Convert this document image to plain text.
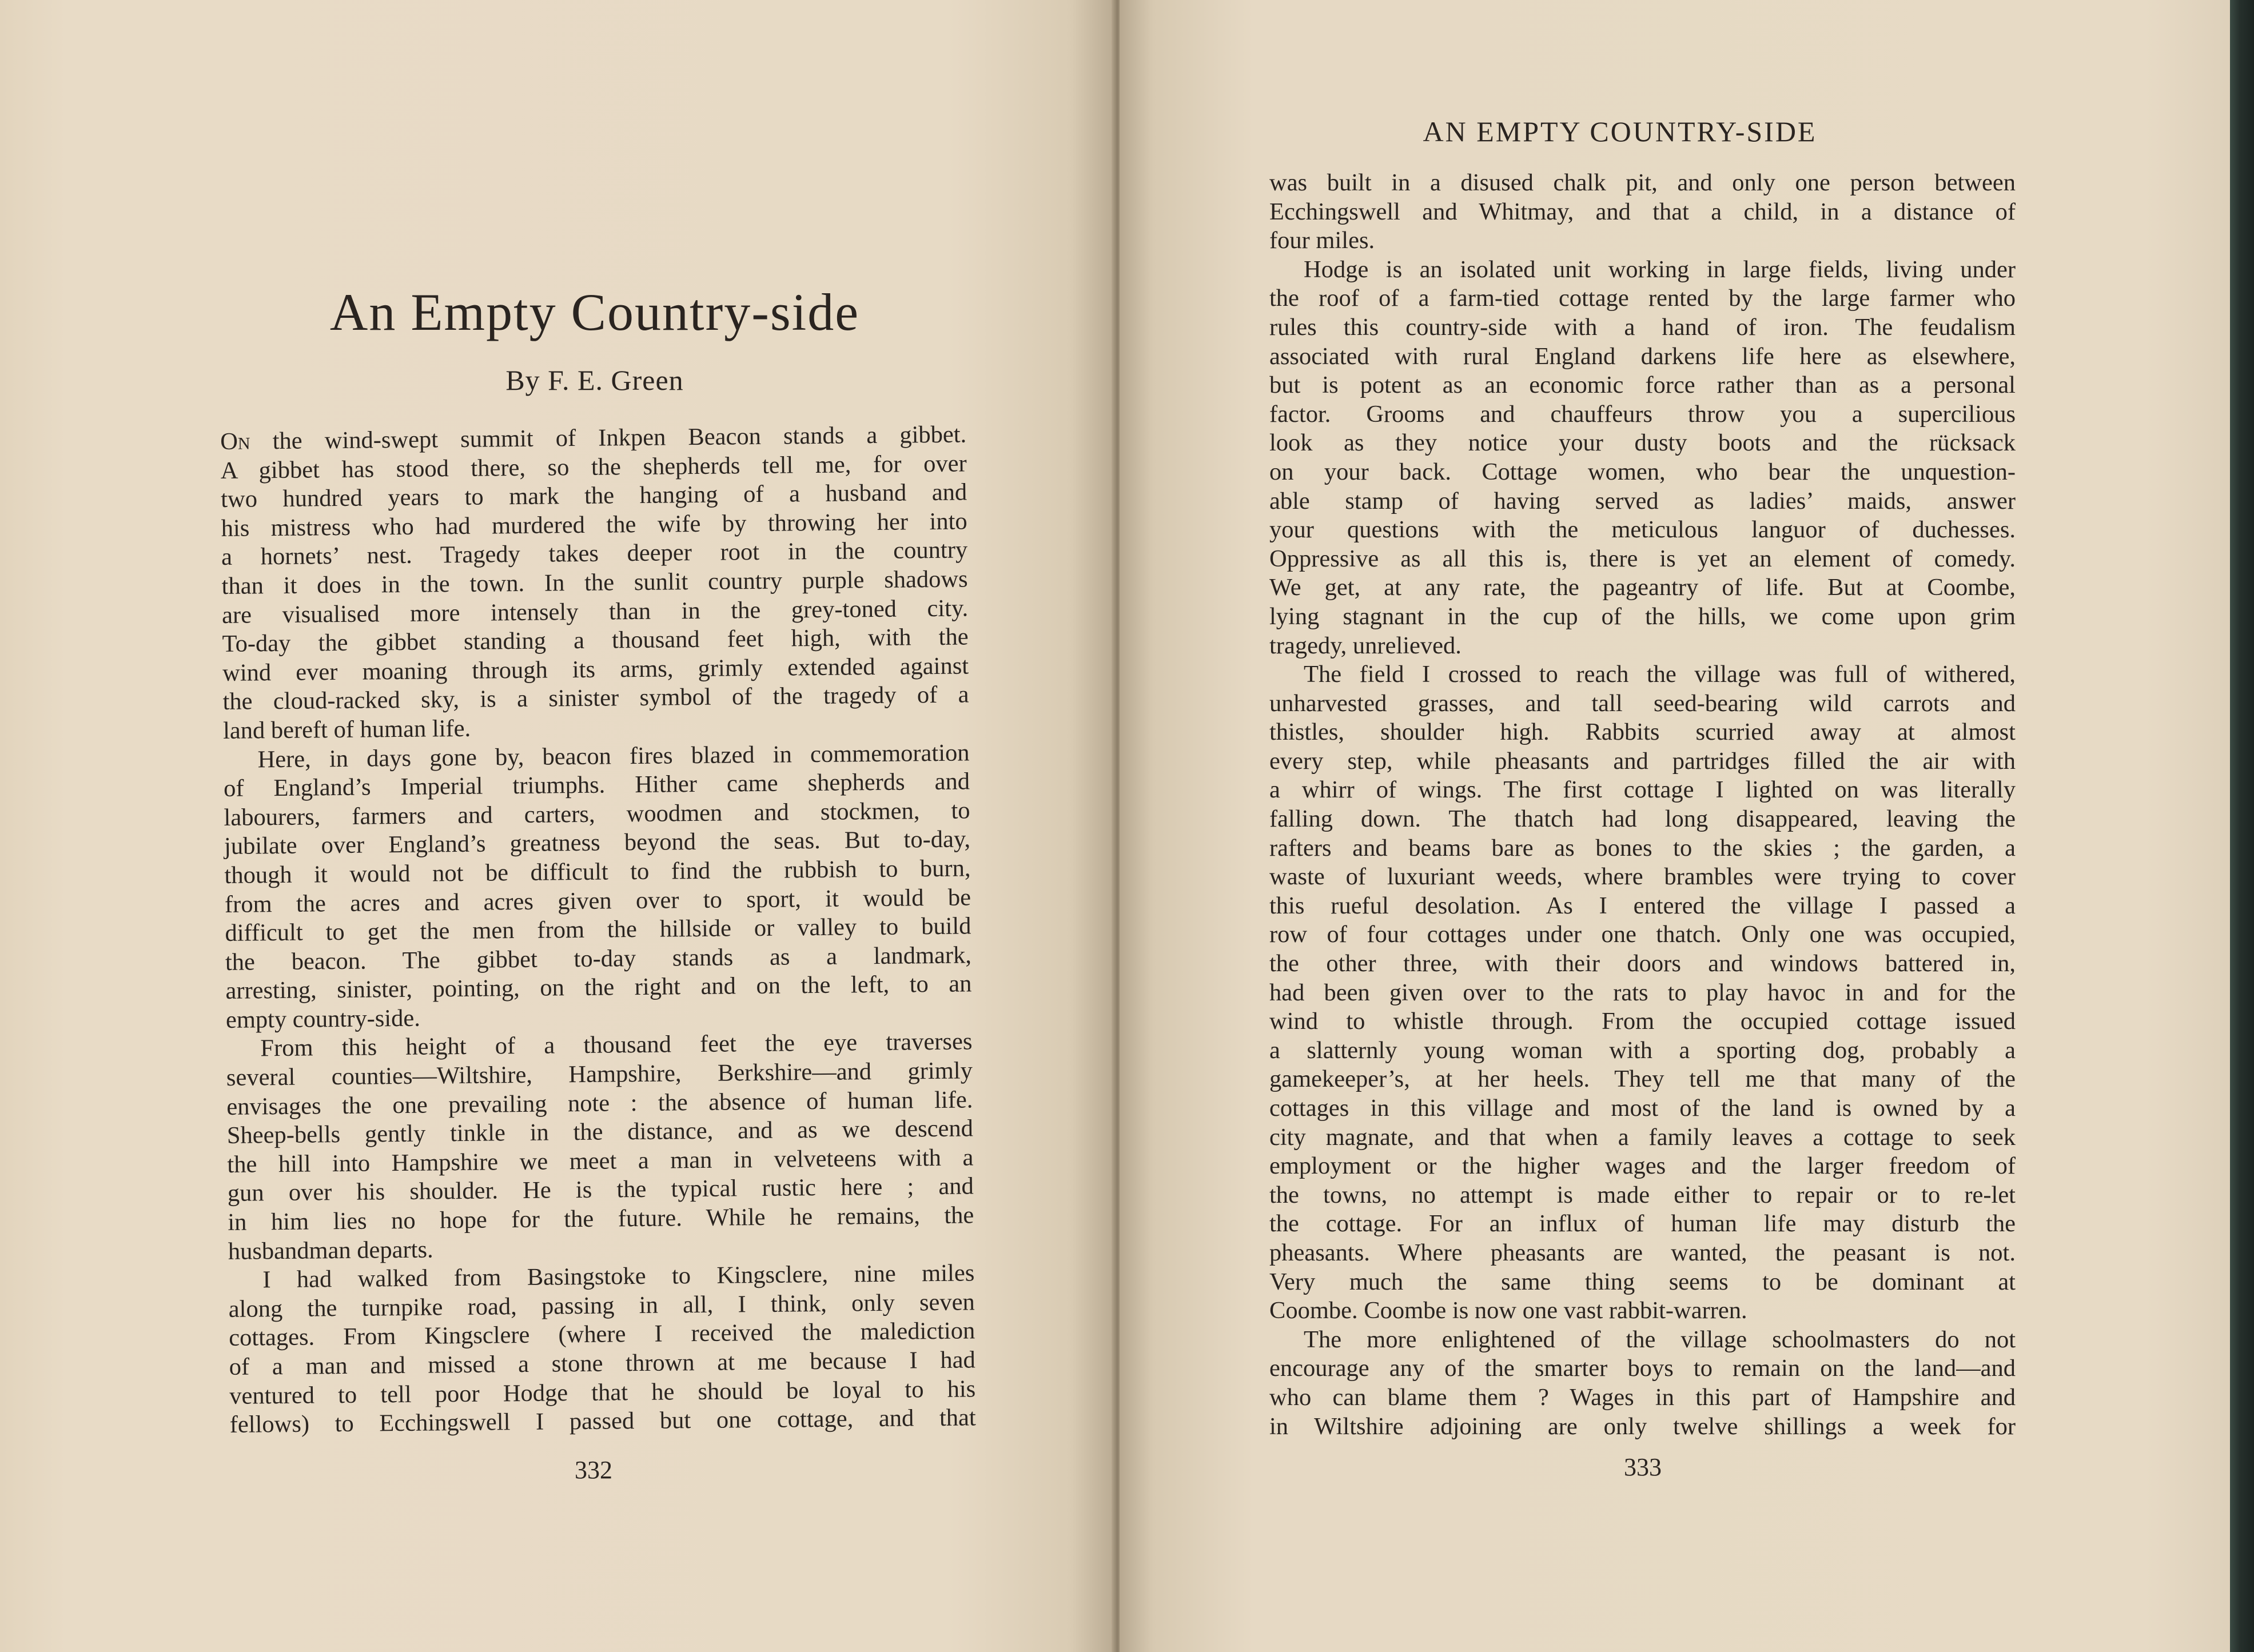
An Empty Country-side
By F. E. Green
On the wind-swept summit of Inkpen Beacon stands a gibbet.
A gibbet has stood there, so the shepherds tell me, for over
two hundred years to mark the hanging of a husband and
his mistress who had murdered the wife by throwing her into
a hornets’ nest. Tragedy takes deeper root in the country
than it does in the town. In the sunlit country purple shadows
are visualised more intensely than in the grey-toned city.
To-day the gibbet standing a thousand feet high, with the
wind ever moaning through its arms, grimly extended against
the cloud-racked sky, is a sinister symbol of the tragedy of a
land bereft of human life.
Here, in days gone by, beacon fires blazed in commemoration
of England’s Imperial triumphs. Hither came shepherds and
labourers, farmers and carters, woodmen and stockmen, to
jubilate over England’s greatness beyond the seas. But to-day,
though it would not be difficult to find the rubbish to burn,
from the acres and acres given over to sport, it would be
difficult to get the men from the hillside or valley to build
the beacon. The gibbet to-day stands as a landmark,
arresting, sinister, pointing, on the right and on the left, to an
empty country-side.
From this height of a thousand feet the eye traverses
several counties—Wiltshire, Hampshire, Berkshire—and grimly
envisages the one prevailing note : the absence of human life.
Sheep-bells gently tinkle in the distance, and as we descend
the hill into Hampshire we meet a man in velveteens with a
gun over his shoulder. He is the typical rustic here ; and
in him lies no hope for the future. While he remains, the
husbandman departs.
I had walked from Basingstoke to Kingsclere, nine miles
along the turnpike road, passing in all, I think, only seven
cottages. From Kingsclere (where I received the malediction
of a man and missed a stone thrown at me because I had
ventured to tell poor Hodge that he should be loyal to his
fellows) to Ecchingswell I passed but one cottage, and that
332
AN EMPTY COUNTRY-SIDE
was built in a disused chalk pit, and only one person between
Ecchingswell and Whitmay, and that a child, in a distance of
four miles.
Hodge is an isolated unit working in large fields, living under
the roof of a farm-tied cottage rented by the large farmer who
rules this country-side with a hand of iron. The feudalism
associated with rural England darkens life here as elsewhere,
but is potent as an economic force rather than as a personal
factor. Grooms and chauffeurs throw you a supercilious
look as they notice your dusty boots and the rücksack
on your back. Cottage women, who bear the unquestion-
able stamp of having served as ladies’ maids, answer
your questions with the meticulous languor of duchesses.
Oppressive as all this is, there is yet an element of comedy.
We get, at any rate, the pageantry of life. But at Coombe,
lying stagnant in the cup of the hills, we come upon grim
tragedy, unrelieved.
The field I crossed to reach the village was full of withered,
unharvested grasses, and tall seed-bearing wild carrots and
thistles, shoulder high. Rabbits scurried away at almost
every step, while pheasants and partridges filled the air with
a whirr of wings. The first cottage I lighted on was literally
falling down. The thatch had long disappeared, leaving the
rafters and beams bare as bones to the skies ; the garden, a
waste of luxuriant weeds, where brambles were trying to cover
this rueful desolation. As I entered the village I passed a
row of four cottages under one thatch. Only one was occupied,
the other three, with their doors and windows battered in,
had been given over to the rats to play havoc in and for the
wind to whistle through. From the occupied cottage issued
a slatternly young woman with a sporting dog, probably a
gamekeeper’s, at her heels. They tell me that many of the
cottages in this village and most of the land is owned by a
city magnate, and that when a family leaves a cottage to seek
employment or the higher wages and the larger freedom of
the towns, no attempt is made either to repair or to re-let
the cottage. For an influx of human life may disturb the
pheasants. Where pheasants are wanted, the peasant is not.
Very much the same thing seems to be dominant at
Coombe. Coombe is now one vast rabbit-warren.
The more enlightened of the village schoolmasters do not
encourage any of the smarter boys to remain on the land—and
who can blame them ? Wages in this part of Hampshire and
in Wiltshire adjoining are only twelve shillings a week for
333
